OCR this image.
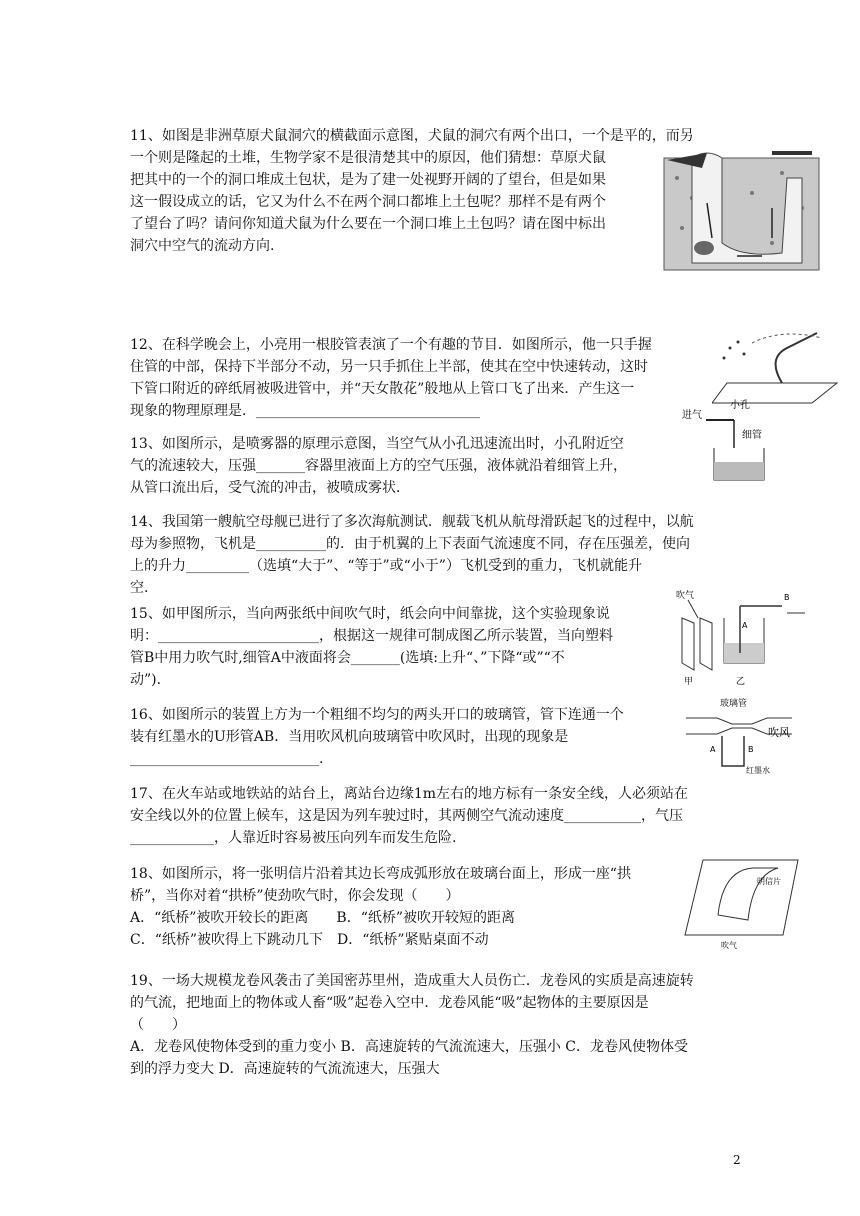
11、如图是非洲草原犬鼠洞穴的横截面示意图，犬鼠的洞穴有两个出口，一个是平的，而另

一个则是隆起的土堆，生物学家不是很清楚其中的原因，他们猜想：草原犬鼠

把其中的一个的洞口堆成土包状，是为了建一处视野开阔的了望台，但是如果

这一假设成立的话，它又为什么不在两个洞口都堆上土包呢？那样不是有两个

了望台了吗？请问你知道犬鼠为什么要在一个洞口堆上土包吗？请在图中标出

洞穴中空气的流动方向.

12、在科学晚会上，小亮用一根胶管表演了一个有趣的节目．如图所示，他一只手握

住管的中部，保持下半部分不动，另一只手抓住上半部，使其在空中快速转动，这时

下管口附近的碎纸屑被吸进管中，并“天女散花”般地从上管口飞了出来．产生这一

现象的物理原理是．________________________________

13、如图所示，是喷雾器的原理示意图，当空气从小孔迅速流出时，小孔附近空

气的流速较大，压强_______容器里液面上方的空气压强，液体就沿着细管上升，

从管口流出后，受气流的冲击，被喷成雾状．

进气
小孔
细管

14、我国第一艘航空母舰已进行了多次海航测试．舰载飞机从航母滑跃起飞的过程中，以航

母为参照物，飞机是__________的．由于机翼的上下表面气流速度不同，存在压强差，使向

上的升力_________（选填“大于”、“等于”或“小于”）飞机受到的重力，飞机就能升

空.

15、如甲图所示，当向两张纸中间吹气时，纸会向中间靠拢，这个实验现象说

明：_______________________，根据这一规律可制成图乙所示装置，当向塑料

管B中用力吹气时,细管A中液面将会_______(选填:上升“、”下降“或”“不

动”).

吹气
甲
A
B
乙

16、如图所示的装置上方为一个粗细不均匀的两头开口的玻璃管，管下连通一个

装有红墨水的U形管AB．当用吹风机向玻璃管中吹风时，出现的现象是

___________________________.

玻璃管
A	B
吹风
红墨水

17、在火车站或地铁站的站台上，离站台边缘1m左右的地方标有一条安全线，人必须站在

安全线以外的位置上候车，这是因为列车驶过时，其两侧空气流动速度___________，气压

____________，人靠近时容易被压向列车而发生危险.

18、如图所示，将一张明信片沿着其边长弯成弧形放在玻璃台面上，形成一座“拱

桥”，当你对着“拱桥”使劲吹气时，你会发现（　　）

A．“纸桥”被吹开较长的距离　　B．“纸桥”被吹开较短的距离

C．“纸桥”被吹得上下跳动几下　D．“纸桥”紧贴桌面不动

明信片
吹气

19、一场大规模龙卷风袭击了美国密苏里州，造成重大人员伤亡．龙卷风的实质是高速旋转

的气流，把地面上的物体或人畜“吸”起卷入空中．龙卷风能“吸”起物体的主要原因是

（　　）

A．龙卷风使物体受到的重力变小 B．高速旋转的气流流速大，压强小 C．龙卷风使物体受

到的浮力变大 D．高速旋转的气流流速大，压强大

2
